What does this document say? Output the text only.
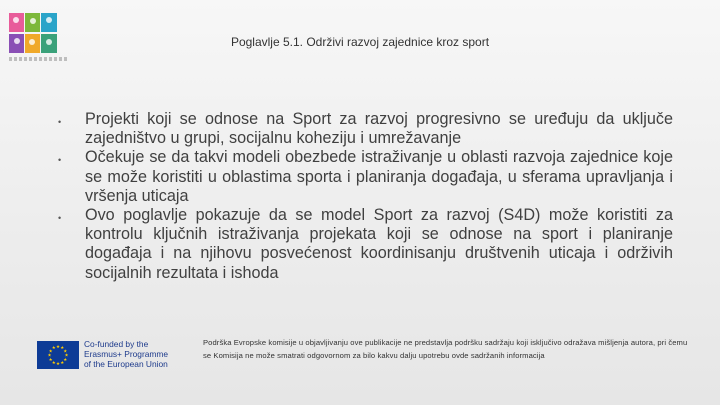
Poglavlje 5.1. Održivi razvoj zajednice kroz sport
•	Projekti koji se odnose na Sport za razvoj progresivno se uređuju da uključe zajedništvo u grupi, socijalnu koheziju i umrežavanje
•	Očekuje se da takvi modeli obezbede istraživanje u oblasti razvoja zajednice koje se može koristiti u oblastima sporta i planiranja događaja, u sferama upravljanja i vršenja uticaja
•	Ovo poglavlje pokazuje da se model Sport za razvoj (S4D) može koristiti za kontrolu ključnih istraživanja projekata koji se odnose na sport i planiranje događaja i na njihovu posvećenost koordinisanju društvenih uticaja i održivih socijalnih rezultata i ishoda
★ ★
★
★
★
★
★
★
★
★
★
★	Co-funded by the
Erasmus+ Programme
of the European Union
Podrška Evropske komisije u objavljivanju ove publikacije ne predstavlja podršku sadržaju koji isključivo odražava mišljenja autora, pri čemu se Komisija ne može smatrati odgovornom za bilo kakvu dalju upotrebu ovde sadržanih informacija
